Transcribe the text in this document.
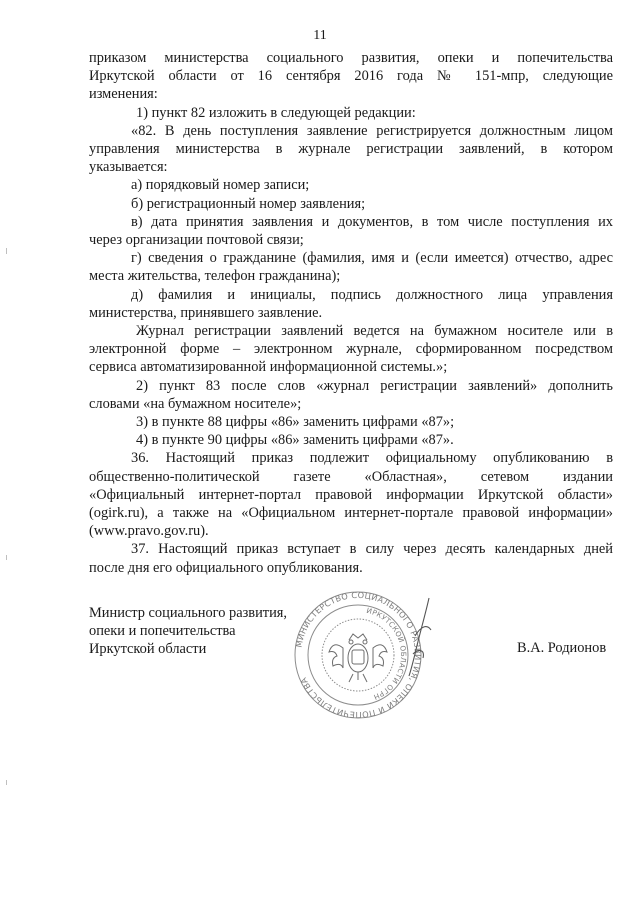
11

приказом министерства социального развития, опеки и попечительства

Иркутской области от 16 сентября 2016 года № 151-мпр, следующие

изменения:

1) пункт 82 изложить в следующей редакции:

«82. В день поступления заявление регистрируется должностным лицом

управления министерства в журнале регистрации заявлений, в котором

указывается:

а) порядковый номер записи;

б) регистрационный номер заявления;

в) дата принятия заявления и документов, в том числе поступления их

через организации почтовой связи;

г) сведения о гражданине (фамилия, имя и (если имеется) отчество, адрес

места жительства, телефон гражданина);

д) фамилия и инициалы, подпись должностного лица управления

министерства, принявшего заявление.

Журнал регистрации заявлений ведется на бумажном носителе или в

электронной форме – электронном журнале, сформированном посредством

сервиса автоматизированной информационной системы.»;

2) пункт 83 после слов «журнал регистрации заявлений» дополнить

словами «на бумажном носителе»;

3) в пункте 88 цифры «86» заменить цифрами «87»;

4) в пункте 90 цифры «86» заменить цифрами «87».

36. Настоящий приказ подлежит официальному опубликованию в

общественно-политической газете «Областная», сетевом издании

«Официальный интернет-портал правовой информации Иркутской области»

(ogirk.ru), а также на «Официальном интернет-портале правовой информации»

(www.pravo.gov.ru).

37. Настоящий приказ вступает в силу через десять календарных дней

после дня его официального опубликования.

Министр социального развития,
опеки и попечительства
Иркутской области	В.А. Родионов
МИНИСТЕРСТВО СОЦИАЛЬНОГО РАЗВИТИЯ, ОПЕКИ И ПОПЕЧИТЕЛЬСТВА
ИРКУТСКОЙ ОБЛАСТИ ОГРН
